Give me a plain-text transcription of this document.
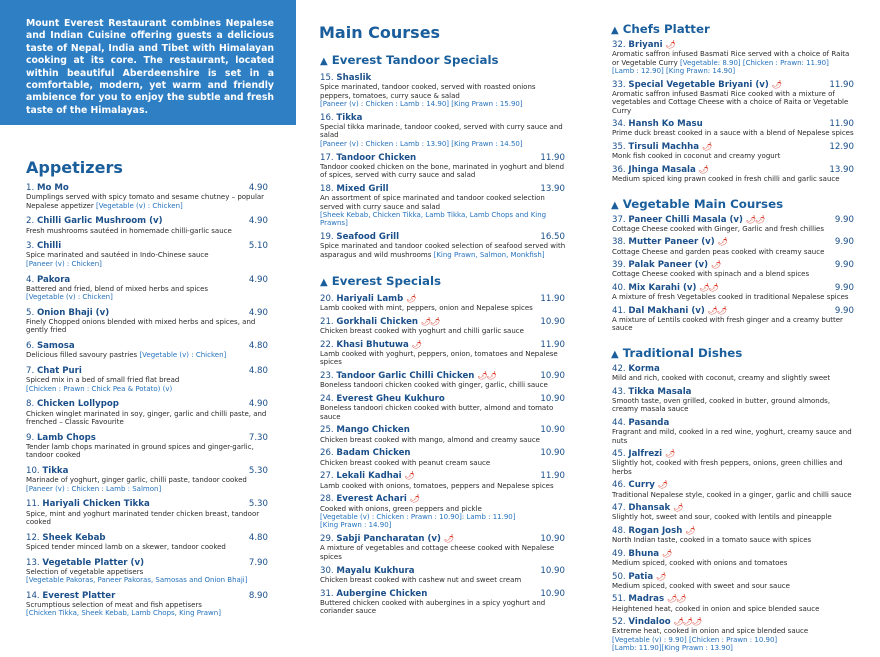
Mount Everest Restaurant combines Nepalese and Indian Cuisine offering guests a delicious taste of Nepal, India and Tibet with Himalayan cooking at its core. The restaurant, located within beautiful Aberdeenshire is set in a comfortable, modern, yet warm and friendly ambience for you to enjoy the subtle and fresh taste of the Himalayas.
Appetizers
1. Mo Mo	4.90
Dumplings served with spicy tomato and sesame chutney – popular Nepalese appetizer [Vegetable (v) : Chicken]
2. Chilli Garlic Mushroom (v)	4.90
Fresh mushrooms sautéed in homemade chilli-garlic sauce
3. Chilli	5.10
Spice marinated and sautéed in Indo-Chinese sauce
[Paneer (v) : Chicken]
4. Pakora	4.90
Battered and fried, blend of mixed herbs and spices
[Vegetable (v) : Chicken]
5. Onion Bhaji (v)	4.90
Finely Chopped onions blended with mixed herbs and spices, and gently fried
6. Samosa	4.80
Delicious filled savoury pastries [Vegetable (v) : Chicken]
7. Chat Puri	4.80
Spiced mix in a bed of small fried flat bread
[Chicken : Prawn : Chick Pea & Potato) (v)
8. Chicken Lollypop	4.90
Chicken winglet marinated in soy, ginger, garlic and chilli paste, and frenched – Classic Favourite
9. Lamb Chops	7.30
Tender lamb chops marinated in ground spices and ginger-garlic, tandoor cooked
10. Tikka	5.30
Marinade of yoghurt, ginger garlic, chilli paste, tandoor cooked
[Paneer (v) : Chicken : Lamb : Salmon]
11. Hariyali Chicken Tikka	5.30
Spice, mint and yoghurt marinated tender chicken breast, tandoor cooked
12. Sheek Kebab	4.80
Spiced tender minced lamb on a skewer, tandoor cooked
13. Vegetable Platter (v)	7.90
Selection of vegetable appetisers
[Vegetable Pakoras, Paneer Pakoras, Samosas and Onion Bhaji]
14. Everest Platter	8.90
Scrumptious selection of meat and fish appetisers
[Chicken Tikka, Sheek Kebab, Lamb Chops, King Prawn]
Main Courses
▲ Everest Tandoor Specials
15. Shaslik
Spice marinated, tandoor cooked, served with roasted onions peppers, tomatoes, curry sauce & salad
[Paneer (v) : Chicken : Lamb : 14.90] [King Prawn : 15.90]
16. Tikka
Special tikka marinade, tandoor cooked, served with curry sauce and salad
[Paneer (v) : Chicken : Lamb : 13.90] [King Prawn : 14.50]
17. Tandoor Chicken	11.90
Tandoor cooked chicken on the bone, marinated in yoghurt and blend of spices, served with curry sauce and salad
18. Mixed Grill	13.90
An assortment of spice marinated and tandoor cooked selection served with curry sauce and salad
[Sheek Kebab, Chicken Tikka, Lamb Tikka, Lamb Chops and King Prawns]
19. Seafood Grill	16.50
Spice marinated and tandoor cooked selection of seafood served with asparagus and wild mushrooms [King Prawn, Salmon, Monkfish]
▲ Everest Specials
20. Hariyali Lamb 🌶	11.90
Lamb cooked with mint, peppers, onion and Nepalese spices
21. Gorkhali Chicken 🌶🌶	10.90
Chicken breast cooked with yoghurt and chilli garlic sauce
22. Khasi Bhutuwa 🌶	11.90
Lamb cooked with yoghurt, peppers, onion, tomatoes and Nepalese spices
23. Tandoor Garlic Chilli Chicken 🌶🌶	10.90
Boneless tandoori chicken cooked with ginger, garlic, chilli sauce
24. Everest Gheu Kukhuro	10.90
Boneless tandoori chicken cooked with butter, almond and tomato sauce
25. Mango Chicken	10.90
Chicken breast cooked with mango, almond and creamy sauce
26. Badam Chicken	10.90
Chicken breast cooked with peanut cream sauce
27. Lekali Kadhai 🌶	11.90
Lamb cooked with onions, tomatoes, peppers and Nepalese spices
28. Everest Achari 🌶
Cooked with onions, green peppers and pickle
[Vegetable (v) : Chicken : Prawn : 10.90]: Lamb : 11.90]
[King Prawn : 14.90]
29. Sabji Pancharatan (v) 🌶	10.90
A mixture of vegetables and cottage cheese cooked with Nepalese spices
30. Mayalu Kukhura	10.90
Chicken breast cooked with cashew nut and sweet cream
31. Aubergine Chicken	10.90
Buttered chicken cooked with aubergines in a spicy yoghurt and coriander sauce
▲ Chefs Platter
32. Briyani 🌶
Aromatic saffron infused Basmati Rice served with a choice of Raita or Vegetable Curry [Vegetable: 8.90] [Chicken : Prawn: 11.90]
[Lamb : 12.90] [King Prawn: 14.90]
33. Special Vegetable Briyani (v) 🌶	11.90
Aromatic saffron infused Basmati Rice cooked with a mixture of vegetables and Cottage Cheese with a choice of Raita or Vegetable Curry
34. Hansh Ko Masu	11.90
Prime duck breast cooked in a sauce with a blend of Nepalese spices
35. Tirsuli Machha 🌶	12.90
Monk fish cooked in coconut and creamy yogurt
36. Jhinga Masala 🌶	13.90
Medium spiced king prawn cooked in fresh chilli and garlic sauce
▲ Vegetable Main Courses
37. Paneer Chilli Masala (v) 🌶🌶	9.90
Cottage Cheese cooked with Ginger, Garlic and fresh chillies
38. Mutter Paneer (v) 🌶	9.90
Cottage Cheese and garden peas cooked with creamy sauce
39. Palak Paneer (v) 🌶	9.90
Cottage Cheese cooked with spinach and a blend spices
40. Mix Karahi (v) 🌶🌶	9.90
A mixture of fresh Vegetables cooked in traditional Nepalese spices
41. Dal Makhani (v) 🌶🌶	9.90
A mixture of Lentils cooked with fresh ginger and a creamy butter sauce
▲ Traditional Dishes
42. Korma
Mild and rich, cooked with coconut, creamy and slightly sweet
43. Tikka Masala
Smooth taste, oven grilled, cooked in butter, ground almonds, creamy masala sauce
44. Pasanda
Fragrant and mild, cooked in a red wine, yoghurt, creamy sauce and nuts
45. Jalfrezi 🌶
Slightly hot, cooked with fresh peppers, onions, green chillies and herbs
46. Curry 🌶
Traditional Nepalese style, cooked in a ginger, garlic and chilli sauce
47. Dhansak 🌶
Slightly hot, sweet and sour, cooked with lentils and pineapple
48. Rogan Josh 🌶
North Indian taste, cooked in a tomato sauce with spices
49. Bhuna 🌶
Medium spiced, cooked with onions and tomatoes
50. Patia 🌶
Medium spiced, cooked with sweet and sour sauce
51. Madras 🌶🌶
Heightened heat, cooked in onion and spice blended sauce
52. Vindaloo 🌶🌶🌶
Extreme heat, cooked in onion and spice blended sauce
[Vegetable (v) : 9.90] [Chicken : Prawn : 10.90]
[Lamb: 11.90][King Prawn : 13.90]
